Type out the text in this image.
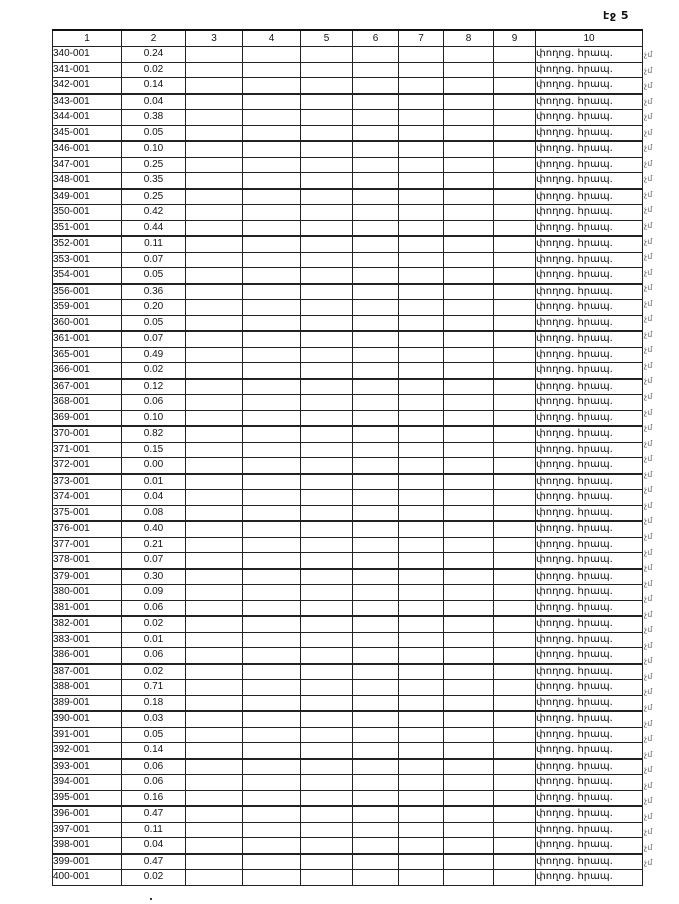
էջ 5
1	2	3	4	5	6	7	8	9	10
340-001	0.24								փողոց. հրապ.
341-001	0.02								փողոց. հրապ.
342-001	0.14								փողոց. հրապ.
343-001	0.04								փողոց. հրապ.
344-001	0.38								փողոց. հրապ.
345-001	0.05								փողոց. հրապ.
346-001	0.10								փողոց. հրապ.
347-001	0.25								փողոց. հրապ.
348-001	0.35								փողոց. հրապ.
349-001	0.25								փողոց. հրապ.
350-001	0.42								փողոց. հրապ.
351-001	0.44								փողոց. հրապ.
352-001	0.11								փողոց. հրապ.
353-001	0.07								փողոց. հրապ.
354-001	0.05								փողոց. հրապ.
356-001	0.36								փողոց. հրապ.
359-001	0.20								փողոց. հրապ.
360-001	0.05								փողոց. հրապ.
361-001	0.07								փողոց. հրապ.
365-001	0.49								փողոց. հրապ.
366-001	0.02								փողոց. հրապ.
367-001	0.12								փողոց. հրապ.
368-001	0.06								փողոց. հրապ.
369-001	0.10								փողոց. հրապ.
370-001	0.82								փողոց. հրապ.
371-001	0.15								փողոց. հրապ.
372-001	0.00								փողոց. հրապ.
373-001	0.01								փողոց. հրապ.
374-001	0.04								փողոց. հրապ.
375-001	0.08								փողոց. հրապ.
376-001	0.40								փողոց. հրապ.
377-001	0.21								փողոց. հրապ.
378-001	0.07								փողոց. հրապ.
379-001	0.30								փողոց. հրապ.
380-001	0.09								փողոց. հրապ.
381-001	0.06								փողոց. հրապ.
382-001	0.02								փողոց. հրապ.
383-001	0.01								փողոց. հրապ.
386-001	0.06								փողոց. հրապ.
387-001	0.02								փողոց. հրապ.
388-001	0.71								փողոց. հրապ.
389-001	0.18								փողոց. հրապ.
390-001	0.03								փողոց. հրապ.
391-001	0.05								փողոց. հրապ.
392-001	0.14								փողոց. հրապ.
393-001	0.06								փողոց. հրապ.
394-001	0.06								փողոց. հրապ.
395-001	0.16								փողոց. հրապ.
396-001	0.47								փողոց. հրապ.
397-001	0.11								փողոց. հրապ.
398-001	0.04								փողոց. հրապ.
399-001	0.47								փողոց. հրապ.
400-001	0.02								փողոց. հրապ.
չմ
չմ
չմ
չմ
չմ
չմ
չմ
չմ
չմ
չմ
չմ
չմ
չմ
չմ
չմ
չմ
չմ
չմ
չմ
չմ
չմ
չմ
չմ
չմ
չմ
չմ
չմ
չմ
չմ
չմ
չմ
չմ
չմ
չմ
չմ
չմ
չմ
չմ
չմ
չմ
չմ
չմ
չմ
չմ
չմ
չմ
չմ
չմ
չմ
չմ
չմ
չմ
չմ
